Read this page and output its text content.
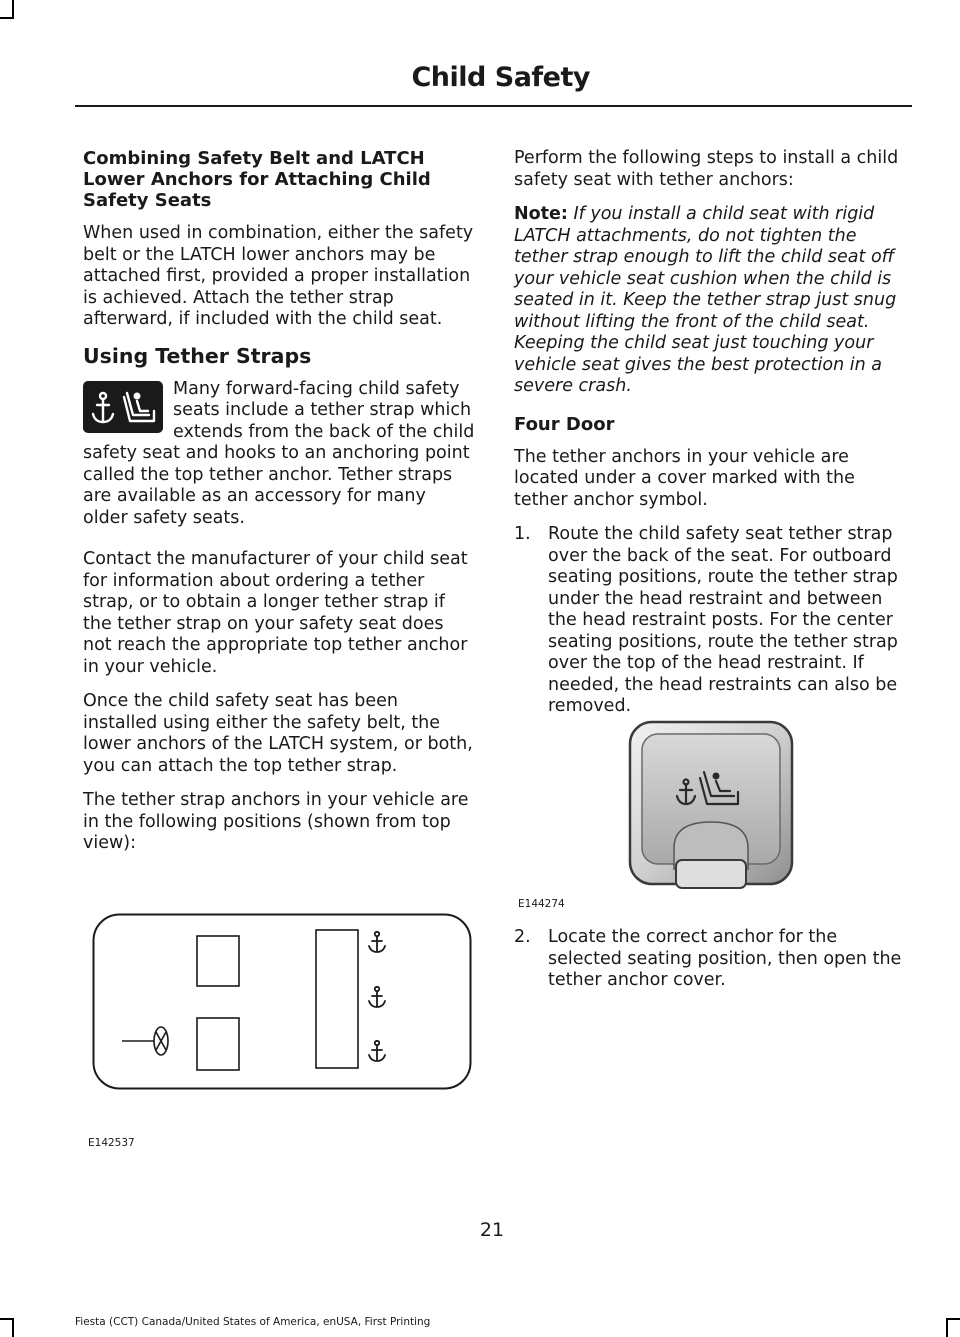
Child Safety
Combining Safety Belt and LATCH Lower Anchors for Attaching Child Safety Seats

When used in combination, either the safety belt or the LATCH lower anchors may be attached first, provided a proper installation is achieved. Attach the tether strap afterward, if included with the child seat.

Using Tether Straps
Many forward-facing child safety seats include a tether strap which extends from the back of the child safety seat and hooks to an anchoring point called the top tether anchor. Tether straps are available as an accessory for many older safety seats.

Contact the manufacturer of your child seat for information about ordering a tether strap, or to obtain a longer tether strap if the tether strap on your safety seat does not reach the appropriate top tether anchor in your vehicle.

Once the child safety seat has been installed using either the safety belt, the lower anchors of the LATCH system, or both, you can attach the top tether strap.

The tether strap anchors in your vehicle are in the following positions (shown from top view):

E142537

Perform the following steps to install a child safety seat with tether anchors:

Note: If you install a child seat with rigid LATCH attachments, do not tighten the tether strap enough to lift the child seat off your vehicle seat cushion when the child is seated in it. Keep the tether strap just snug without lifting the front of the child seat. Keeping the child seat just touching your vehicle seat gives the best protection in a severe crash.

Four Door

The tether anchors in your vehicle are located under a cover marked with the tether anchor symbol.

1. Route the child safety seat tether strap over the back of the seat. For outboard seating positions, route the tether strap under the head restraint and between the head restraint posts. For the center seating positions, route the tether strap over the top of the head restraint. If needed, the head restraints can also be removed.
E144274
2. Locate the correct anchor for the selected seating position, then open the tether anchor cover.
21
Fiesta (CCT) Canada/United States of America, enUSA, First Printing
